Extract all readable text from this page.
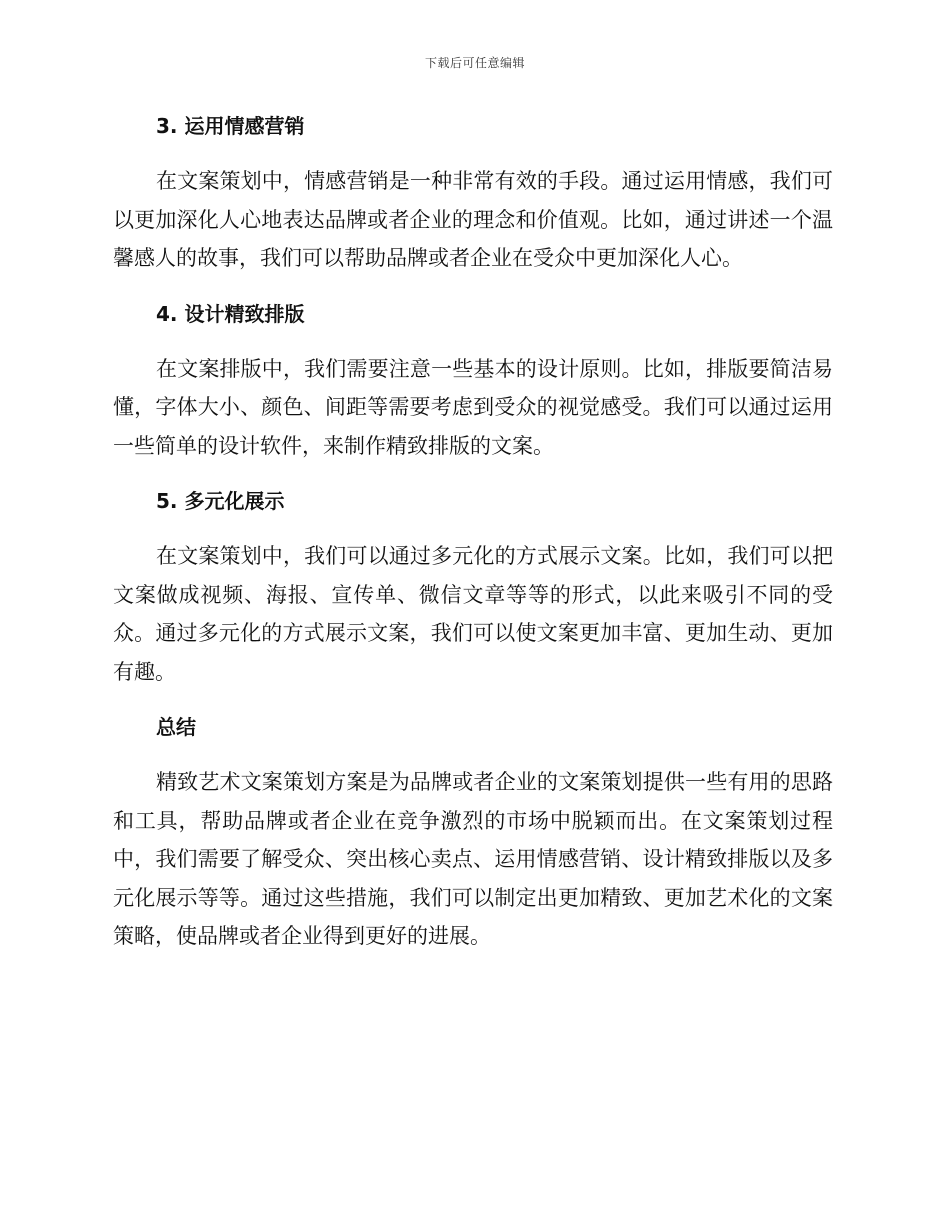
下载后可任意编辑
3. 运用情感营销

在文案策划中，情感营销是一种非常有效的手段。通过运用情感，我们可以更加深化人心地表达品牌或者企业的理念和价值观。比如，通过讲述一个温馨感人的故事，我们可以帮助品牌或者企业在受众中更加深化人心。

4. 设计精致排版

在文案排版中，我们需要注意一些基本的设计原则。比如，排版要简洁易懂，字体大小、颜色、间距等需要考虑到受众的视觉感受。我们可以通过运用一些简单的设计软件，来制作精致排版的文案。

5. 多元化展示

在文案策划中，我们可以通过多元化的方式展示文案。比如，我们可以把文案做成视频、海报、宣传单、微信文章等等的形式，以此来吸引不同的受众。通过多元化的方式展示文案，我们可以使文案更加丰富、更加生动、更加有趣。

总结

精致艺术文案策划方案是为品牌或者企业的文案策划提供一些有用的思路和工具，帮助品牌或者企业在竞争激烈的市场中脱颖而出。在文案策划过程中，我们需要了解受众、突出核心卖点、运用情感营销、设计精致排版以及多元化展示等等。通过这些措施，我们可以制定出更加精致、更加艺术化的文案策略，使品牌或者企业得到更好的进展。
